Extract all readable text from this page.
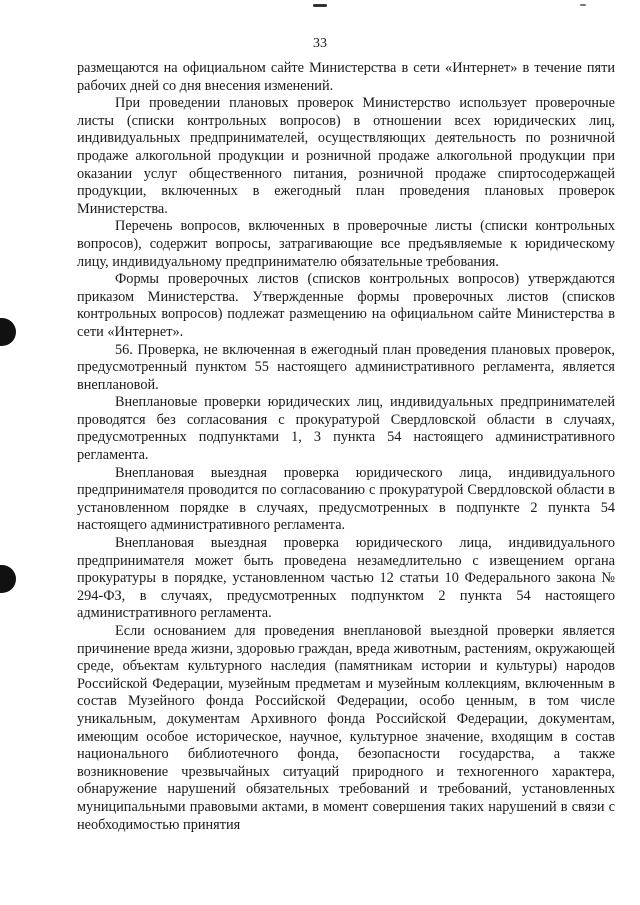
33

размещаются на официальном сайте Министерства в сети «Интернет» в течение пяти рабочих дней со дня внесения изменений.

При проведении плановых проверок Министерство использует проверочные листы (списки контрольных вопросов) в отношении всех юридических лиц, индивидуальных предпринимателей, осуществляющих деятельность по розничной продаже алкогольной продукции и розничной продаже алкогольной продукции при оказании услуг общественного питания, розничной продаже спиртосодержащей продукции, включенных в ежегодный план проведения плановых проверок Министерства.

Перечень вопросов, включенных в проверочные листы (списки контрольных вопросов), содержит вопросы, затрагивающие все предъявляемые к юридическому лицу, индивидуальному предпринимателю обязательные требования.

Формы проверочных листов (списков контрольных вопросов) утверждаются приказом Министерства. Утвержденные формы проверочных листов (списков контрольных вопросов) подлежат размещению на официальном сайте Министерства в сети «Интернет».

56. Проверка, не включенная в ежегодный план проведения плановых проверок, предусмотренный пунктом 55 настоящего административного регламента, является внеплановой.

Внеплановые проверки юридических лиц, индивидуальных предпринимателей проводятся без согласования с прокуратурой Свердловской области в случаях, предусмотренных подпунктами 1, 3 пункта 54 настоящего административного регламента.

Внеплановая выездная проверка юридического лица, индивидуального предпринимателя проводится по согласованию с прокуратурой Свердловской области в установленном порядке в случаях, предусмотренных в подпункте 2 пункта 54 настоящего административного регламента.

Внеплановая выездная проверка юридического лица, индивидуального предпринимателя может быть проведена незамедлительно с извещением органа прокуратуры в порядке, установленном частью 12 статьи 10 Федерального закона № 294-ФЗ, в случаях, предусмотренных подпунктом 2 пункта 54 настоящего административного регламента.

Если основанием для проведения внеплановой выездной проверки является причинение вреда жизни, здоровью граждан, вреда животным, растениям, окружающей среде, объектам культурного наследия (памятникам истории и культуры) народов Российской Федерации, музейным предметам и музейным коллекциям, включенным в состав Музейного фонда Российской Федерации, особо ценным, в том числе уникальным, документам Архивного фонда Российской Федерации, документам, имеющим особое историческое, научное, культурное значение, входящим в состав национального библиотечного фонда, безопасности государства, а также возникновение чрезвычайных ситуаций природного и техногенного характера, обнаружение нарушений обязательных требований и требований, установленных муниципальными правовыми актами, в момент совершения таких нарушений в связи с необходимостью принятия
